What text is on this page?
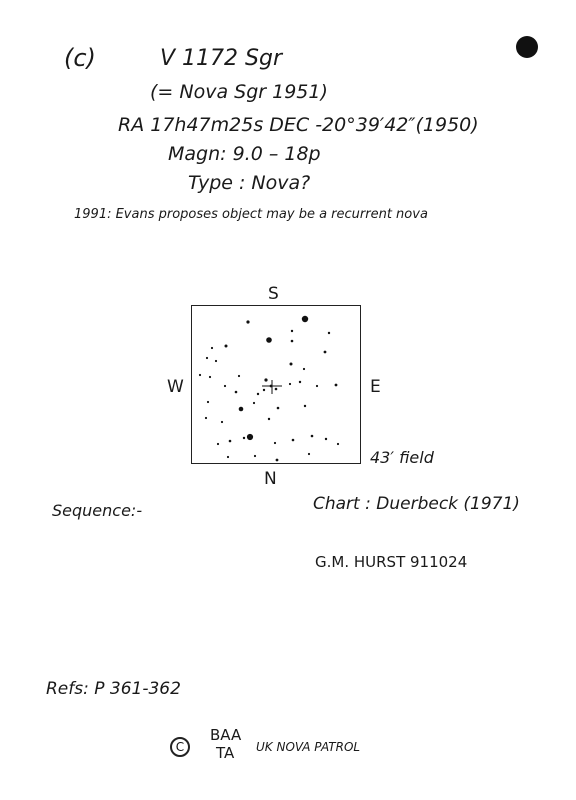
(c)	V 1172 Sgr
(= Nova Sgr 1951)
RA 17h47m25s DEC -20°39′42″(1950)
Magn: 9.0 – 18p
Type : Nova?
1991: Evans proposes object may be a recurrent nova
S
W	E
N
43′ field
Sequence:-	Chart : Duerbeck (1971)
G.M. HURST 911024
Refs: P 361-362
C
BAA
TA UK NOVA PATROL
